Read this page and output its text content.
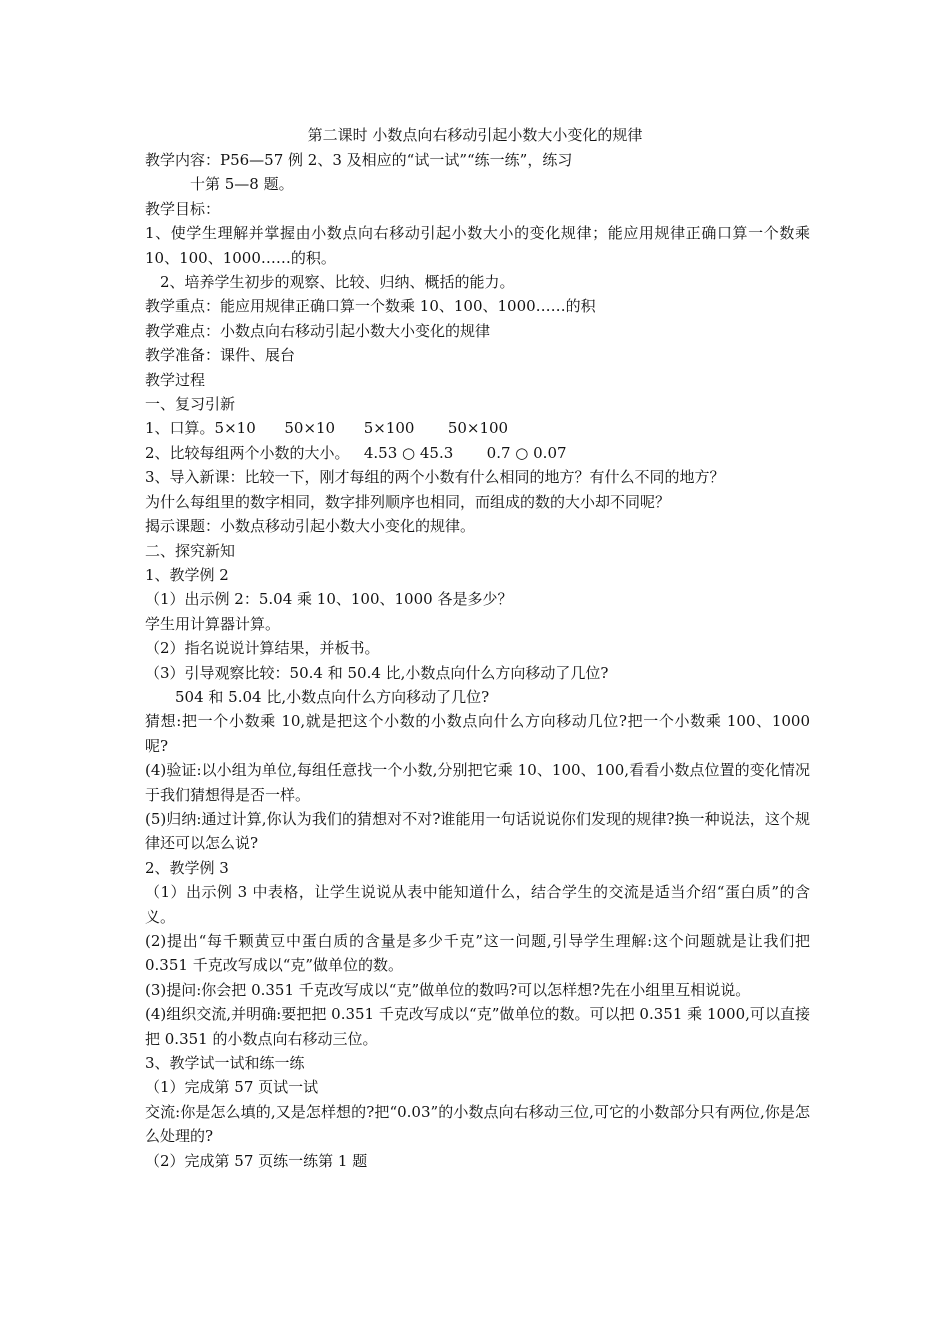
第二课时 小数点向右移动引起小数大小变化的规律
教学内容：P56—57 例 2、3 及相应的“试一试”“练一练”，练习
十第 5—8 题。
教学目标：
1、使学生理解并掌握由小数点向右移动引起小数大小的变化规律；能应用规律正确口算一个数乘 10、100、1000……的积。
2、培养学生初步的观察、比较、归纳、概括的能力。
教学重点：能应用规律正确口算一个数乘 10、100、1000……的积
教学难点：小数点向右移动引起小数大小变化的规律
教学准备：课件、展台
教学过程
一、复习引新
1、口算。5×10      50×10      5×100       50×100
2、比较每组两个小数的大小。   4.53 ○ 45.3       0.7 ○ 0.07
3、导入新课：比较一下，刚才每组的两个小数有什么相同的地方？有什么不同的地方？
为什么每组里的数字相同，数字排列顺序也相同，而组成的数的大小却不同呢？
揭示课题：小数点移动引起小数大小变化的规律。
二、探究新知
1、教学例 2
（1）出示例 2：5.04 乘 10、100、1000 各是多少？
学生用计算器计算。
（2）指名说说计算结果，并板书。
（3）引导观察比较：50.4 和 50.4 比,小数点向什么方向移动了几位?
504 和 5.04 比,小数点向什么方向移动了几位?
猜想:把一个小数乘 10,就是把这个小数的小数点向什么方向移动几位?把一个小数乘 100、1000 呢?
(4)验证:以小组为单位,每组任意找一个小数,分别把它乘 10、100、100,看看小数点位置的变化情况于我们猜想得是否一样。
(5)归纳:通过计算,你认为我们的猜想对不对?谁能用一句话说说你们发现的规律?换一种说法，这个规律还可以怎么说?
2、教学例 3
（1）出示例 3 中表格，让学生说说从表中能知道什么，结合学生的交流是适当介绍“蛋白质”的含义。
(2)提出“每千颗黄豆中蛋白质的含量是多少千克”这一问题,引导学生理解:这个问题就是让我们把 0.351 千克改写成以“克”做单位的数。
(3)提问:你会把 0.351 千克改写成以“克”做单位的数吗?可以怎样想?先在小组里互相说说。
(4)组织交流,并明确:要把把 0.351 千克改写成以“克”做单位的数。可以把 0.351 乘 1000,可以直接把 0.351 的小数点向右移动三位。
3、教学试一试和练一练
（1）完成第 57 页试一试
交流:你是怎么填的,又是怎样想的?把“0.03”的小数点向右移动三位,可它的小数部分只有两位,你是怎么处理的?
（2）完成第 57 页练一练第 1 题
